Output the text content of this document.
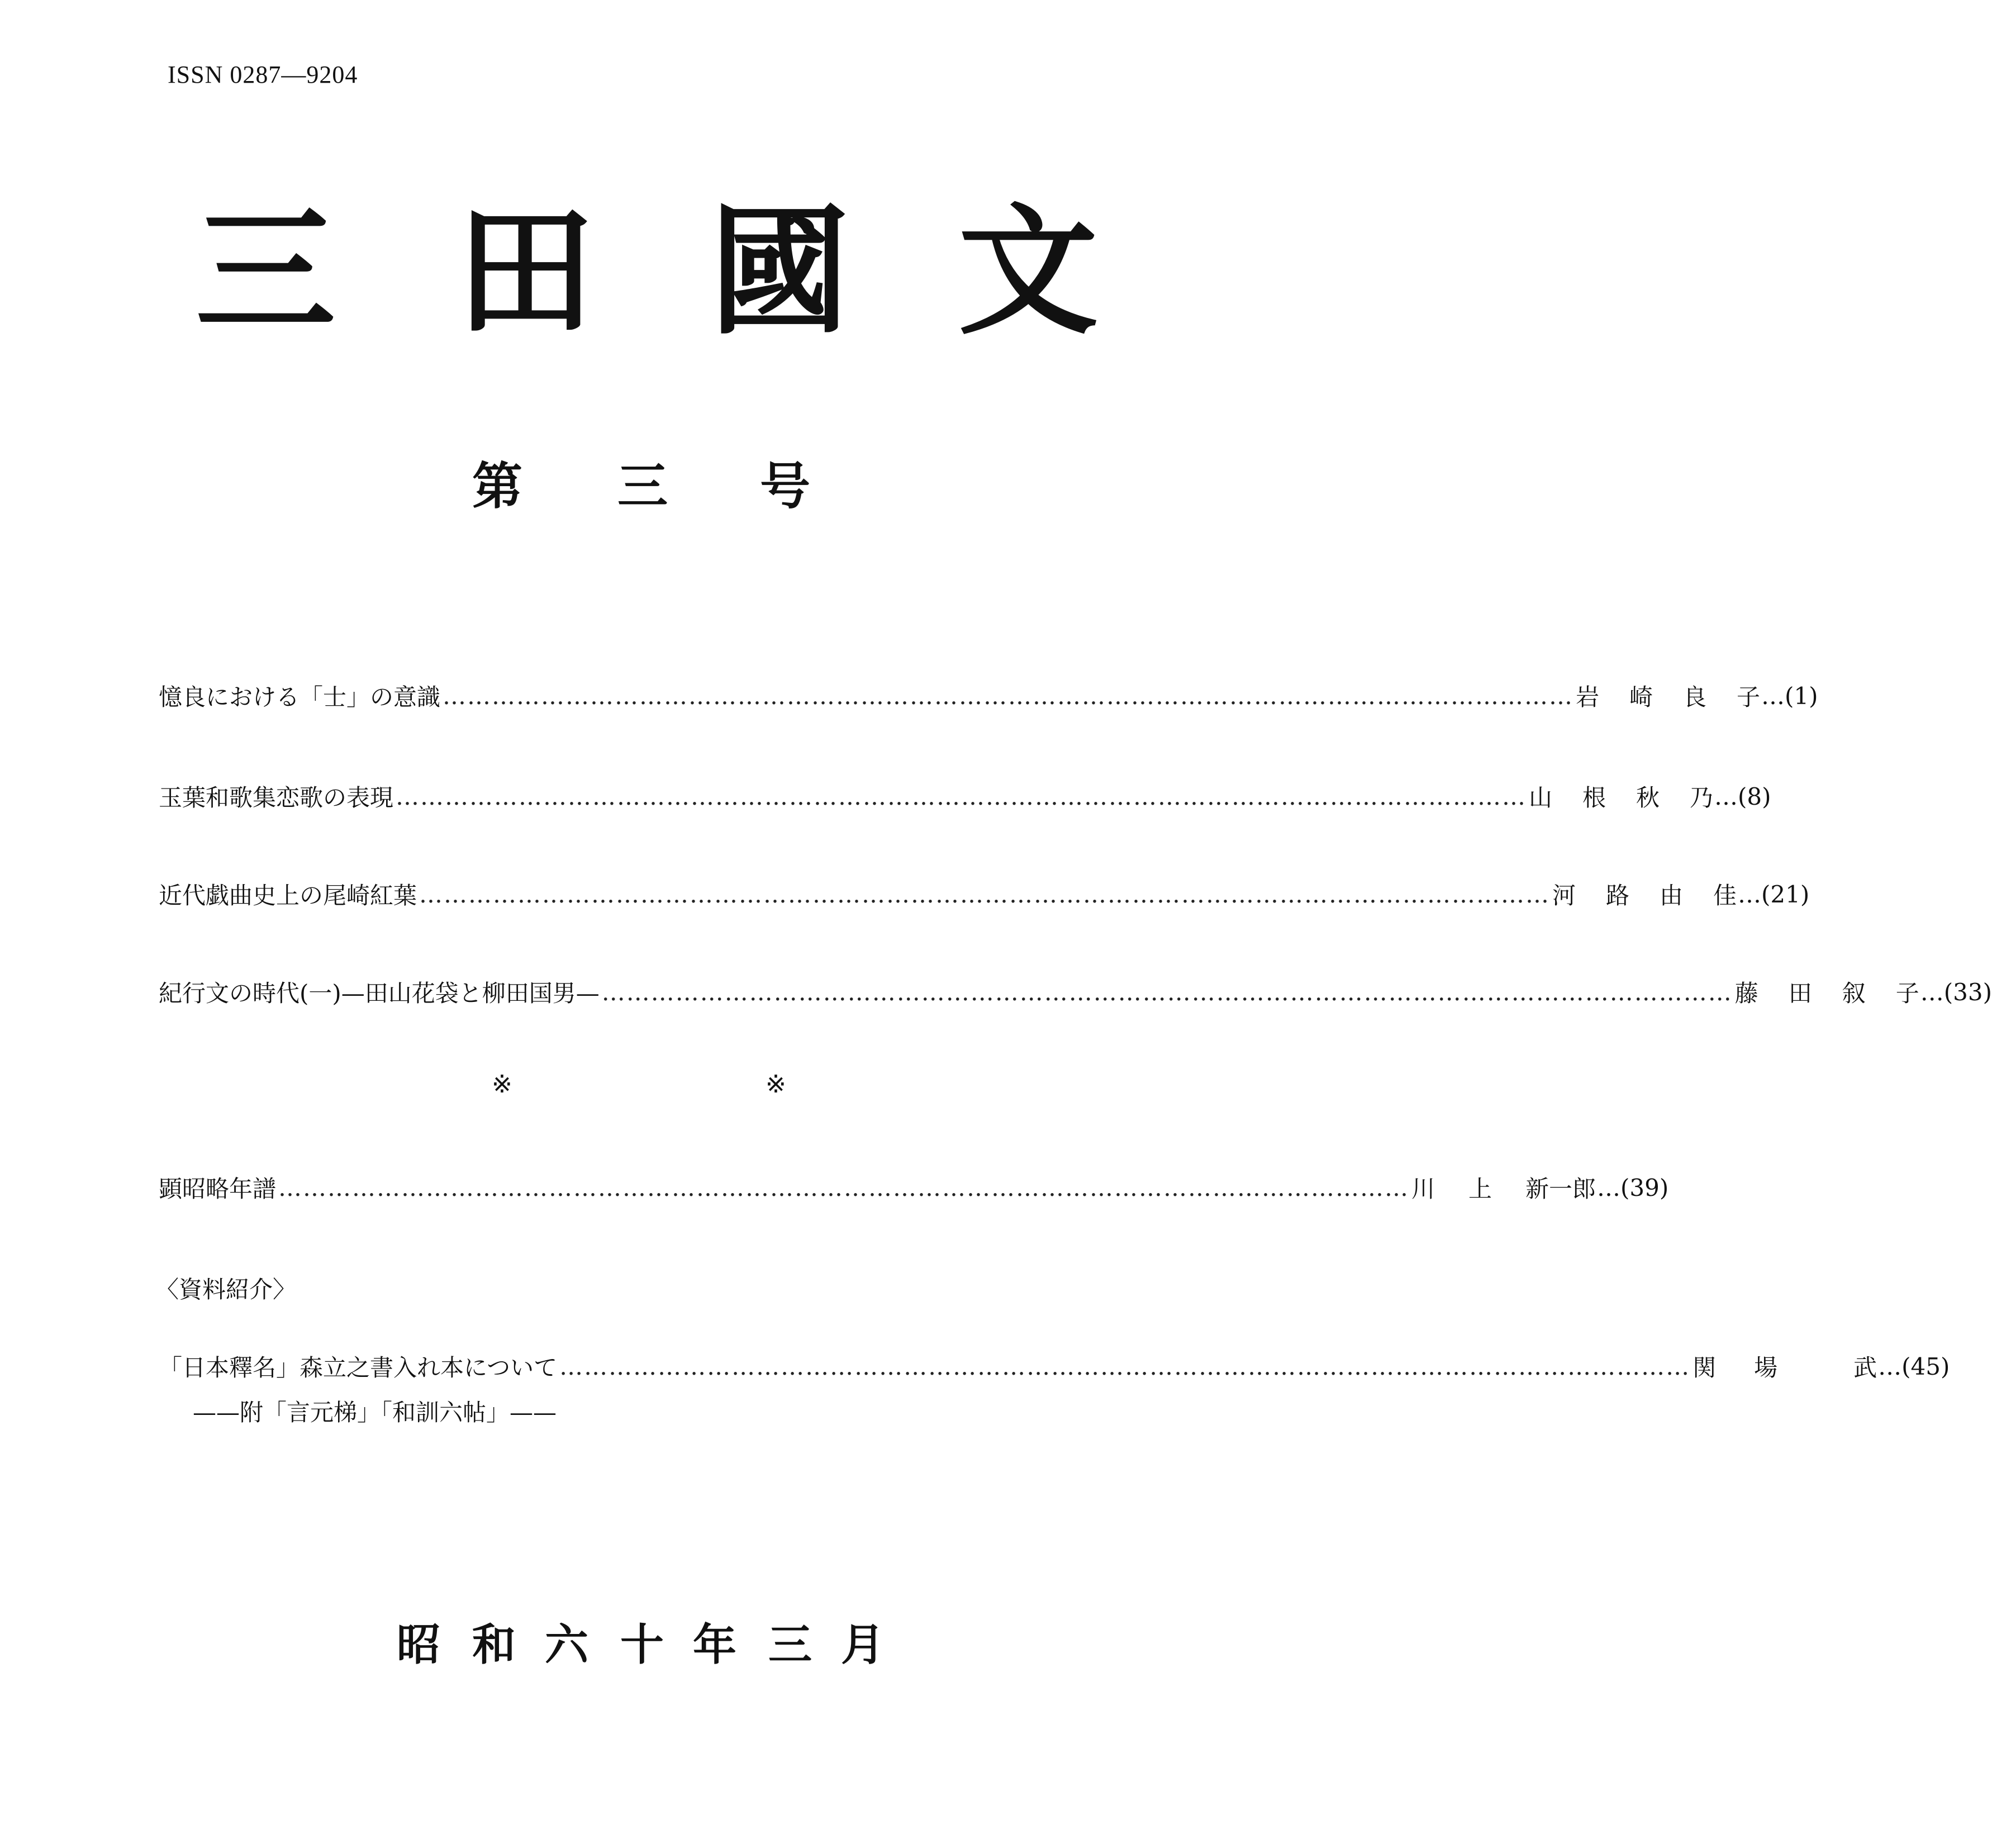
ISSN 0287—9204
三 田 國 文
第 三 号
憶良における「士」の意識 ………………………………………………………………………………………………………………………… 岩 崎 良 子 …(1)
玉葉和歌集恋歌の表現 ………………………………………………………………………………………………………………………… 山 根 秋 乃 …(8)
近代戯曲史上の尾崎紅葉 ………………………………………………………………………………………………………………………… 河 路 由 佳 …(21)
紀行文の時代(一)—田山花袋と柳田国男— ………………………………………………………………………………………………………………………… 藤 田 叙 子 …(33)
※	※
顕昭略年譜 ………………………………………………………………………………………………………………………… 川 上 新一郎 …(39)
〈資料紹介〉
「日本釋名」森立之書入れ本について ………………………………………………………………………………………………………………………… 関 場	武 …(45)
——附「言元梯」「和訓六帖」——
昭 和 六 十 年 三 月
